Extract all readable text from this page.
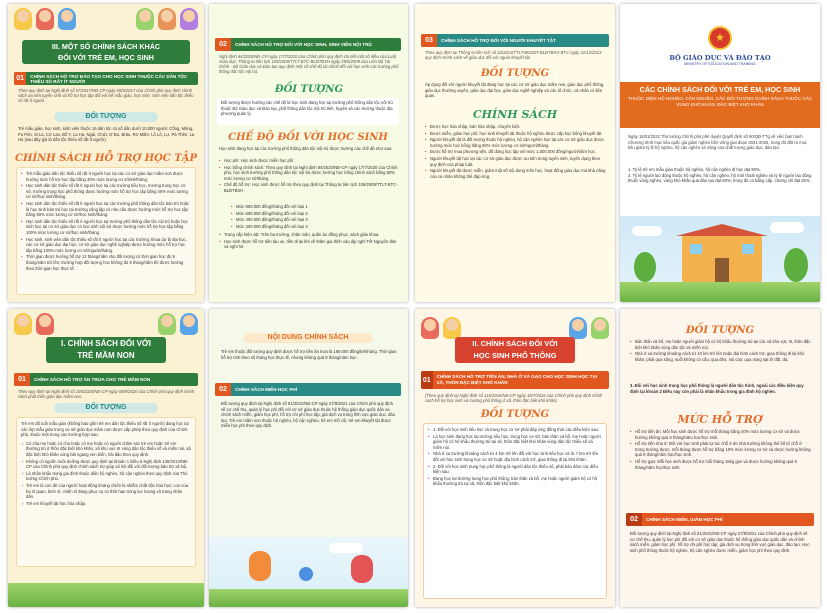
III. MỘT SỐ CHÍNH SÁCH KHÁC
ĐỐI VỚI TRẺ EM, HỌC SINH
01	CHÍNH SÁCH HỖ TRỢ ĐÀO TẠO CHO HỌC SINH THUỘC CÁC DÂN TỘC THIỂU SỐ RẤT ÍT NGƯỜI
Theo quy định tại Nghị định số 57/2017/NĐ-CP ngày 09/5/2017 của Chính phủ quy định chính sách ưu tiên tuyển sinh và hỗ trợ học tập đối với trẻ mẫu giáo, học sinh, sinh viên dân tộc thiểu số rất ít người.
ĐỐI TƯỢNG
Trẻ mẫu giáo, học sinh, sinh viên thuộc 16 dân tộc có số dân dưới 10.000 người: Cống, Mảng, Pu Péo, Si La, Cờ Lao, Bố Y, La Ha, Ngái, Chứt, Ơ Đu, Brâu, Rơ Măm, Lô Lô, Lự, Pà Thẻn, La Hủ (sau đây gọi là dân tộc thiểu số rất ít người).
CHÍNH SÁCH HỖ TRỢ HỌC TẬP
• Trẻ mẫu giáo dân tộc thiểu số rất ít người học tại các cơ sở giáo dục mầm non được hưởng mức hỗ trợ học tập bằng 30% mức lương cơ sở/trẻ/tháng.
• Học sinh dân tộc thiểu số rất ít người học tại các trường tiểu học, trường trung học cơ sở, trường trung học phổ thông được hưởng mức hỗ trợ học tập bằng 40% mức lương cơ sở/học sinh/tháng.
• Học sinh dân tộc thiểu số rất ít người học tại các trường phổ thông dân tộc bán trú hoặc là học sinh bán trú học tại trường công lập có nhu cầu được hưởng mức hỗ trợ học tập bằng 50% mức lương cơ sở/học sinh/tháng.
• Học sinh dân tộc thiểu số rất ít người học tại trường phổ thông dân tộc nội trú hoặc học sinh học tại cơ sở giáo dục có học sinh nội trú được hưởng mức hỗ trợ học tập bằng 100% mức lương cơ sở/học sinh/tháng.
• Học sinh, sinh viên dân tộc thiểu số rất ít người học tại các trường, khoa dự bị đại học, các cơ sở giáo dục đại học, cơ sở giáo dục nghề nghiệp được hưởng mức hỗ trợ học tập bằng 100% mức lương cơ sở/người/tháng.
• Thời gian được hưởng hỗ trợ 12 tháng/năm cho đối tượng có thời gian học đủ 9 tháng/năm trở lên; trường hợp đối tượng học không đủ 9 tháng/năm thì được hưởng theo thời gian học thực tế.
02	CHÍNH SÁCH HỖ TRỢ ĐỐI VỚI HỌC SINH, SINH VIÊN NỘI TRÚ
Nghị định 84/2020/NĐ-CP ngày 17/7/2020 của Chính phủ quy định chi tiết một số điều của Luật Giáo dục; Thông tư liên tịch 109/2009/TTLT-BTC-BLĐTBXH ngày 29/5/2009 của Liên Bộ Tài chính - Bộ Giáo dục và Đào tạo quy định một số chế độ tài chính đối với học sinh các trường phổ thông dân tộc nội trú.
ĐỐI TƯỢNG
Đối tượng được hưởng các chế độ là học sinh đang học tại trường phổ thông dân tộc nội trú thuộc Bộ Giáo dục và Đào tạo, phổ thông dân tộc nội trú tỉnh, huyện và các trường thuộc địa phương quản lý.
CHẾ ĐỘ ĐỐI VỚI HỌC SINH
Học sinh đang học tại các trường phổ thông dân tộc nội trú được hưởng các chế độ như sau:
• Học phí: Học sinh được miễn học phí.
• Học bổng chính sách: Theo quy định tại Nghị định 84/2020/NĐ-CP ngày 17/7/2020 của Chính phủ, học sinh trường phổ thông dân tộc nội trú được hưởng học bổng chính sách bằng 80% mức lương cơ sở/tháng.
• Chế độ hỗ trợ: Học sinh được hỗ trợ theo quy định tại Thông tư liên tịch 109/2009/TTLT-BTC-BLĐTBXH.
• Mức 800.000 đồng/tháng đối với loại 1
• Mức 600.000 đồng/tháng đối với loại 2
• Mức 400.000 đồng/tháng đối với loại 3
• Mức 300.000 đồng/tháng đối với loại 4
• Trang cấp hiện vật: Trên ba trường, chăn màn, quần áo đồng phục, sách giáo khoa.
• Học sinh được hỗ trợ tiền tàu xe, tiền đi lại khi về thăm gia đình vào dịp nghỉ Tết Nguyên đán và nghỉ hè.
03	CHÍNH SÁCH HỖ TRỢ ĐỐI VỚI NGƯỜI KHUYẾT TẬT
Theo quy định tại Thông tư liên tịch số 42/2013/TTLT-BGDĐT-BLĐTBXH-BTC ngày 31/12/2013 quy định chính sách về giáo dục đối với người khuyết tật.
ĐỐI TƯỢNG
Áp dụng đối với người khuyết tật đang học tại các cơ sở giáo dục mầm non, giáo dục phổ thông, giáo dục thường xuyên, giáo dục đại học, giáo dục nghề nghiệp và các tổ chức, cá nhân có liên quan.
CHÍNH SÁCH
• Được học hòa nhập, bán hòa nhập, chuyên biệt.
• Được miễn, giảm học phí; học sinh khuyết tật thuộc hộ nghèo được cấp học bổng khuyết tật.
• Người khuyết tật là đối tượng thuộc hộ nghèo, hộ cận nghèo học tại các cơ sở giáo dục được hưởng mức học bổng bằng 80% mức lương cơ sở/người/tháng.
• Được hỗ trợ mua phương tiện, đồ dùng học tập với mức 1.000.000 đồng/người/năm học.
• Người khuyết tật học tại các cơ sở giáo dục được ưu tiên trong tuyển sinh, tuyển dụng theo quy định của pháp luật.
• Người khuyết tật được miễn, giảm một số nội dung môn học, hoạt động giáo dục mà khả năng của cá nhân không thể đáp ứng.
★
BỘ GIÁO DỤC VÀ ĐÀO TẠO
MINISTRY OF EDUCATION AND TRAINING
CÁC CHÍNH SÁCH ĐỐI VỚI TRẺ EM, HỌC SINH
THUỘC DIỆN HỘ NGHÈO, CẬN NGHÈO, CÁC ĐỐI TƯỢNG CHÍNH SÁCH THUỘC CÁC VÙNG KHÓ KHĂN, ĐẶC BIỆT KHÓ KHĂN
Ngày 18/01/2022 Thủ tướng Chính phủ phê duyệt Quyết định số 90/QĐ-TTg về việc ban hành Chương trình mục tiêu quốc gia giảm nghèo bền vững giai đoạn 2021-2025, trong đó đặt ra mục tiêu giảm tỷ lệ hộ nghèo, hộ cận nghèo và nâng cao chất lượng giáo dục, đào tạo.
1. Tỷ lệ trẻ em mẫu giáo thuộc hộ nghèo, hộ cận nghèo đi học đạt 90%.
2. Tỷ lệ người lao động thuộc hộ nghèo, hộ cận nghèo, hộ mới thoát nghèo và tỷ lệ người lao động thuộc vùng nghèo, vùng khó khăn qua đào tạo đạt 60%; trong đó có bằng cấp, chứng chỉ đạt 25%.
I. CHÍNH SÁCH ĐỐI VỚI
TRẺ MẦM NON
01	CHÍNH SÁCH HỖ TRỢ ĂN TRƯA CHO TRẺ MẦM NON
Theo quy định tại Nghị định số 105/2020/NĐ-CP ngày 08/9/2020 của Chính phủ quy định chính sách phát triển giáo dục mầm non.
ĐỐI TƯỢNG
Trẻ em độ tuổi mẫu giáo (không bao gồm trẻ em dân tộc thiểu số rất ít người) đang học tại các lớp mẫu giáo trong cơ sở giáo dục mầm non được cấp phép theo quy định của Chính phủ, thuộc một trong các trường hợp sau:
✓ Có cha mẹ hoặc có cha hoặc có mẹ hoặc có người chăm sóc trẻ em hoặc trẻ em thường trú ở thôn đặc biệt khó khăn, xã khu vực III vùng dân tộc thiểu số và miền núi, xã đặc biệt khó khăn vùng bãi ngang ven biển, hải đảo theo quy định.
✓ Không có nguồn nuôi dưỡng được quy định tại khoản 1 Điều 5 Nghị định 136/2013/NĐ-CP của Chính phủ quy định chính sách trợ giúp xã hội đối với đối tượng bảo trợ xã hội.
✓ Là nhân khẩu trong gia đình thuộc diện hộ nghèo, hộ cận nghèo theo quy định của Thủ tướng Chính phủ.
✓ Trẻ em là con đẻ của người hoạt động kháng chiến bị nhiễm chất độc hóa học; con của hạ sĩ quan, binh sĩ, chiến sĩ đang phục vụ có thời hạn trong lực lượng vũ trang nhân dân.
✓ Trẻ em khuyết tật học hòa nhập.
NỘI DUNG CHÍNH SÁCH
Trẻ em thuộc đối tượng quy định được hỗ trợ tiền ăn trưa là 160.000 đồng/trẻ/tháng. Thời gian hỗ trợ tính theo số tháng học thực tế, nhưng không quá 9 tháng/năm học.
02	CHÍNH SÁCH MIỄN HỌC PHÍ
Đối tượng quy định tại Nghị định số 81/2021/NĐ-CP ngày 27/8/2021 của Chính phủ quy định về cơ chế thu, quản lý học phí đối với cơ sở giáo dục thuộc hệ thống giáo dục quốc dân và chính sách miễn, giảm học phí, hỗ trợ chi phí học tập; giá dịch vụ trong lĩnh vực giáo dục, đào tạo. Trẻ em mầm non thuộc hộ nghèo, hộ cận nghèo, trẻ em mồ côi, trẻ em khuyết tật được miễn học phí theo quy định.
II. CHÍNH SÁCH ĐỐI VỚI
HỌC SINH PHỔ THÔNG
01	CHÍNH SÁCH HỖ TRỢ TIỀN ĂN, NHÀ Ở VÀ GẠO CHO HỌC SINH HỌC TẠI XÃ, THÔN ĐẶC BIỆT KHÓ KHĂN
(Theo quy định tại Nghị định số 116/2016/NĐ-CP ngày 18/7/2016 của Chính phủ quy định chính sách hỗ trợ học sinh và trường phổ thông ở xã, thôn đặc biệt khó khăn)
ĐỐI TƯỢNG
• 1. Đối với học sinh tiểu học và trung học cơ sở phải đáp ứng đồng thời các điều kiện sau:
• Là học sinh đang học tại trường tiểu học, trung học cơ sở; bản thân và bố, mẹ hoặc người giám hộ có hộ khẩu thường trú tại xã, thôn đặc biệt khó khăn vùng dân tộc thiểu số và miền núi.
• Nhà ở xa trường khoảng cách từ 4 km trở lên đối với học sinh tiểu học và từ 7 km trở lên đối với học sinh trung học cơ sở hoặc địa hình cách trở, giao thông đi lại khó khăn.
• 2. Đối với học sinh trung học phổ thông là người dân tộc thiểu số, phải bảo đảm các điều kiện sau:
• Đang học tại trường trung học phổ thông; bản thân và bố, mẹ hoặc người giám hộ có hộ khẩu thường trú tại xã, thôn đặc biệt khó khăn.
ĐỐI TƯỢNG
• Bản thân và bố, mẹ hoặc người giám hộ có hộ khẩu thường trú tại các xã khu vực III, thôn đặc biệt khó khăn vùng dân tộc và miền núi.
• Nhà ở xa trường khoảng cách từ 10 km trở lên hoặc địa hình cách trở, giao thông đi lại khó khăn: phải qua sông, suối không có cầu; qua đèo, núi cao; qua vùng sạt lở đất, đá.
3. Đối với học sinh trung học phổ thông là người dân tộc Kinh, ngoài các điều kiện quy định tại khoản 2 Điều này còn phải là nhân khẩu trong gia đình hộ nghèo.
MỨC HỖ TRỢ
• Hỗ trợ tiền ăn: Mỗi học sinh được hỗ trợ mỗi tháng bằng 40% mức lương cơ sở và được hưởng không quá 9 tháng/năm học/học sinh.
• Hỗ trợ tiền nhà ở: Đối với học sinh phải tự túc chỗ ở do nhà trường không thể bố trí chỗ ở trong trường được, mỗi tháng được hỗ trợ bằng 10% mức lương cơ sở và được hưởng không quá 9 tháng/năm học/học sinh.
• Hỗ trợ gạo: Mỗi học sinh được hỗ trợ mỗi tháng 15kg gạo và được hưởng không quá 9 tháng/năm học/học sinh.
02	CHÍNH SÁCH MIỄN, GIẢM HỌC PHÍ
Đối tượng quy định tại Nghị định số 81/2021/NĐ-CP ngày 27/8/2021 của Chính phủ quy định về cơ chế thu, quản lý học phí đối với cơ sở giáo dục thuộc hệ thống giáo dục quốc dân và chính sách miễn, giảm học phí, hỗ trợ chi phí học tập; giá dịch vụ trong lĩnh vực giáo dục, đào tạo. Học sinh phổ thông thuộc hộ nghèo, hộ cận nghèo được miễn, giảm học phí theo quy định.
